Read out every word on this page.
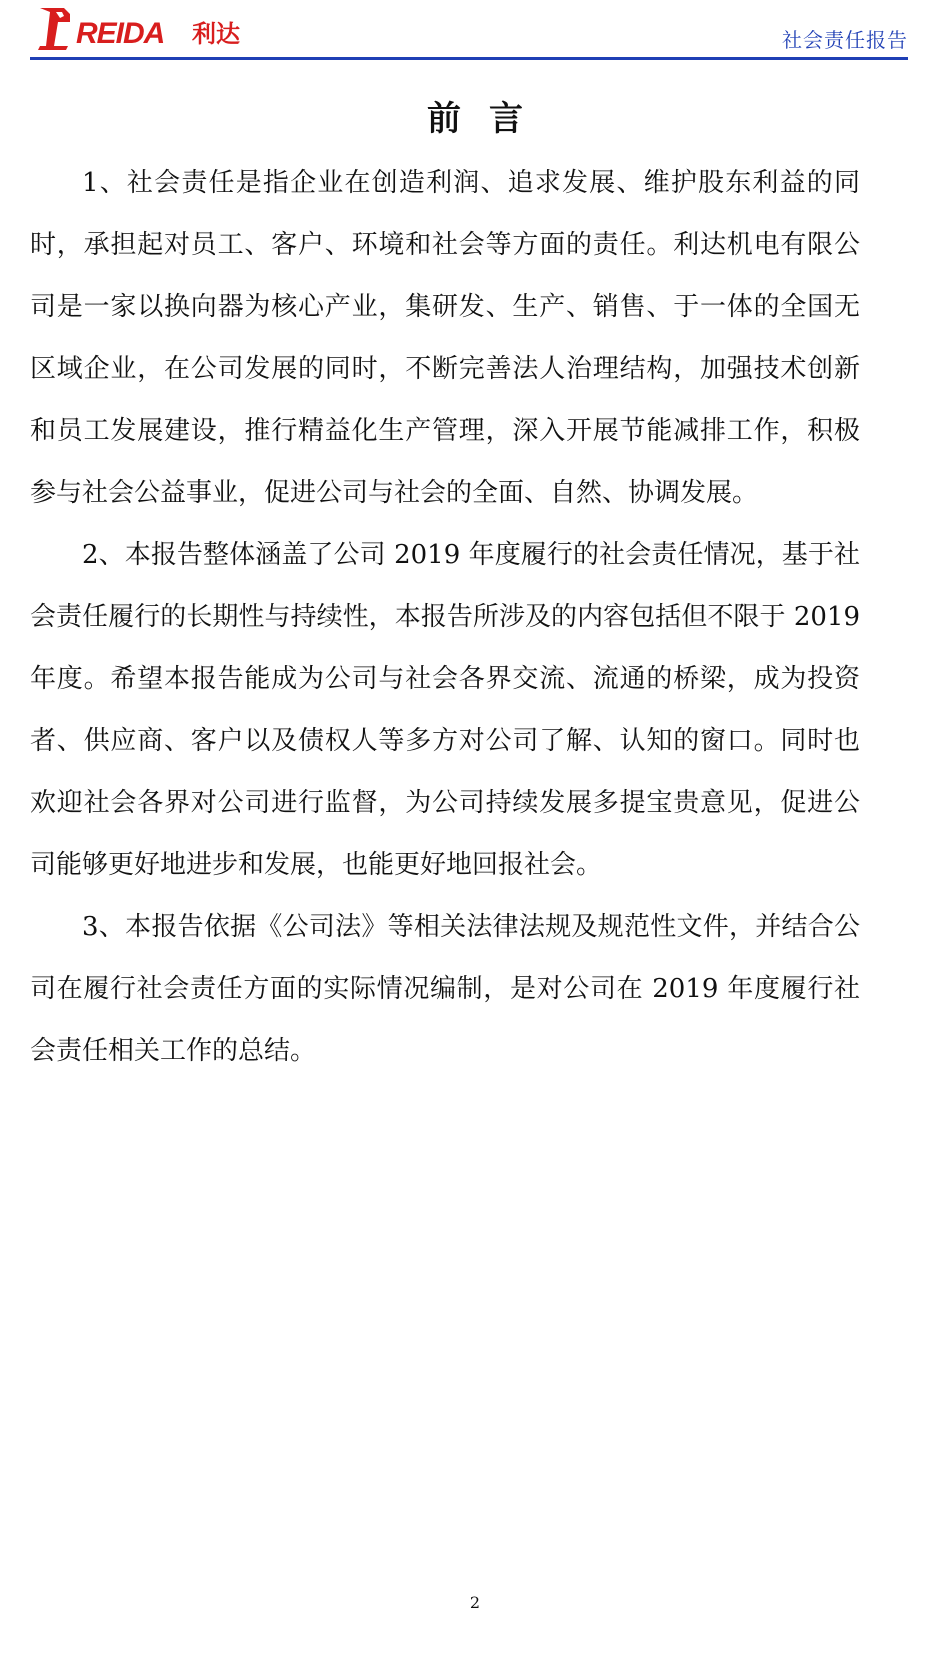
REIDA 利达	社会责任报告
前言

1、社会责任是指企业在创造利润、追求发展、维护股东利益的同时，承担起对员工、客户、环境和社会等方面的责任。利达机电有限公司是一家以换向器为核心产业，集研发、生产、销售、于一体的全国无区域企业，在公司发展的同时，不断完善法人治理结构，加强技术创新和员工发展建设，推行精益化生产管理，深入开展节能减排工作，积极参与社会公益事业，促进公司与社会的全面、自然、协调发展。

2、本报告整体涵盖了公司 2019 年度履行的社会责任情况，基于社会责任履行的长期性与持续性，本报告所涉及的内容包括但不限于 2019 年度。希望本报告能成为公司与社会各界交流、流通的桥梁，成为投资者、供应商、客户以及债权人等多方对公司了解、认知的窗口。同时也欢迎社会各界对公司进行监督，为公司持续发展多提宝贵意见，促进公司能够更好地进步和发展，也能更好地回报社会。

3、本报告依据《公司法》等相关法律法规及规范性文件，并结合公司在履行社会责任方面的实际情况编制，是对公司在 2019 年度履行社会责任相关工作的总结。

2
